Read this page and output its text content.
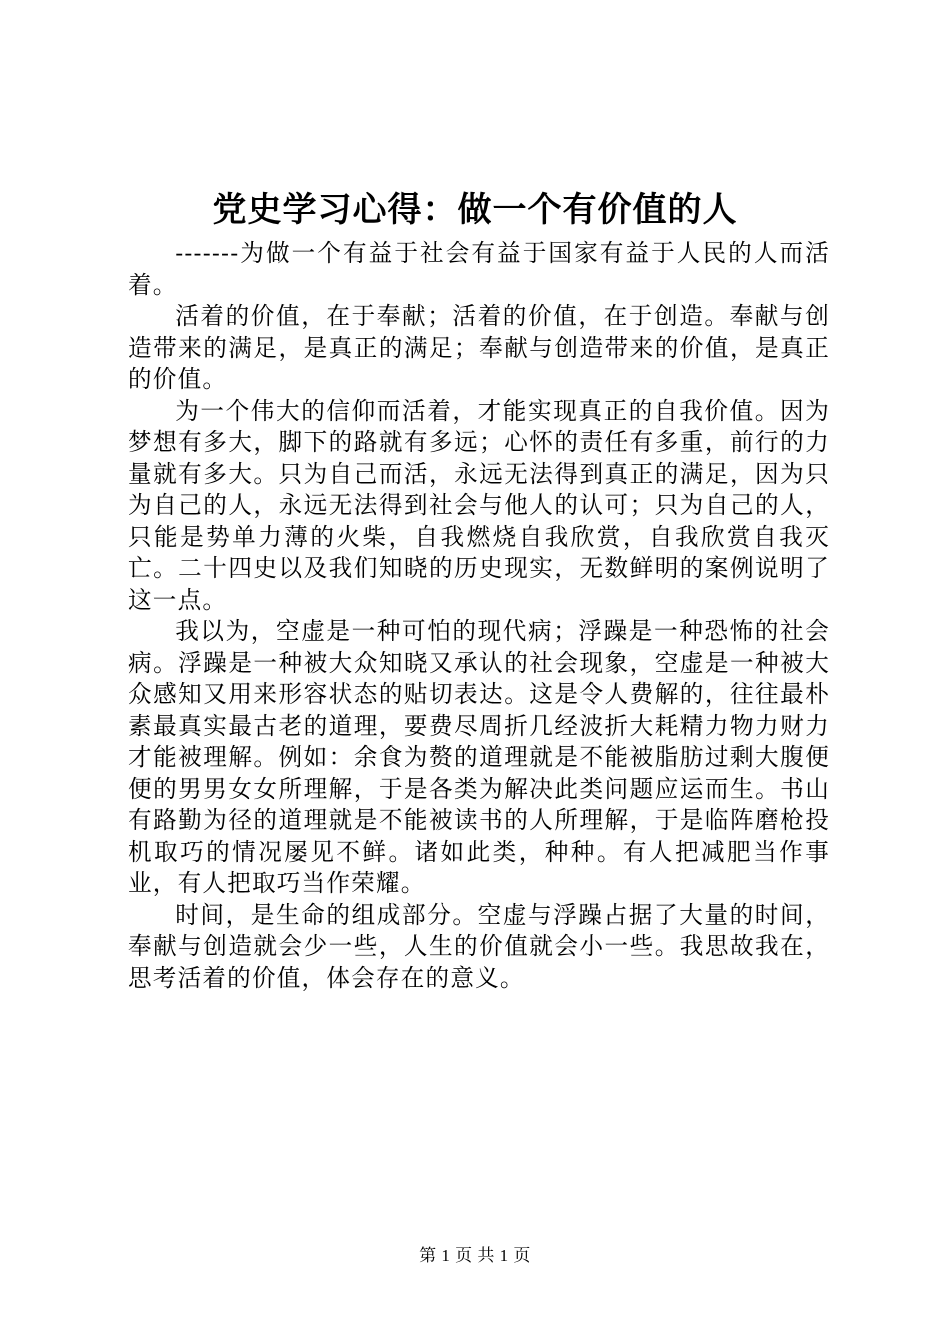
党史学习心得：做一个有价值的人

-------为做一个有益于社会有益于国家有益于人民的人而活着。

活着的价值，在于奉献；活着的价值，在于创造。奉献与创造带来的满足，是真正的满足；奉献与创造带来的价值，是真正的价值。

为一个伟大的信仰而活着，才能实现真正的自我价值。因为梦想有多大，脚下的路就有多远；心怀的责任有多重，前行的力量就有多大。只为自己而活，永远无法得到真正的满足，因为只为自己的人，永远无法得到社会与他人的认可；只为自己的人，只能是势单力薄的火柴，自我燃烧自我欣赏，自我欣赏自我灭亡。二十四史以及我们知晓的历史现实，无数鲜明的案例说明了这一点。

我以为，空虚是一种可怕的现代病；浮躁是一种恐怖的社会病。浮躁是一种被大众知晓又承认的社会现象，空虚是一种被大众感知又用来形容状态的贴切表达。这是令人费解的，往往最朴素最真实最古老的道理，要费尽周折几经波折大耗精力物力财力才能被理解。例如：余食为赘的道理就是不能被脂肪过剩大腹便便的男男女女所理解，于是各类为解决此类问题应运而生。书山有路勤为径的道理就是不能被读书的人所理解，于是临阵磨枪投机取巧的情况屡见不鲜。诸如此类，种种。有人把减肥当作事业，有人把取巧当作荣耀。

时间，是生命的组成部分。空虚与浮躁占据了大量的时间，奉献与创造就会少一些，人生的价值就会小一些。我思故我在，思考活着的价值，体会存在的意义。

第 1 页 共 1 页
